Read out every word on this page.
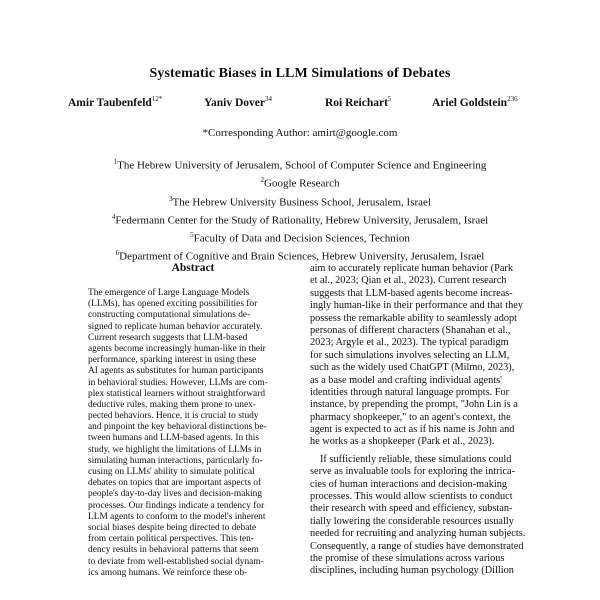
Systematic Biases in LLM Simulations of Debates
Amir Taubenfeld$^{12*}$	Yaniv Dover$^{34}$	Roi Reichart$^5$	Ariel Goldstein$^{236}$
*Corresponding Author: amirt@google.com
$^1$The Hebrew University of Jerusalem, School of Computer Science and Engineering
$^2$Google Research
$^3$The Hebrew University Business School, Jerusalem, Israel
$^4$Federmann Center for the Study of Rationality, Hebrew University, Jerusalem, Israel
$^5$Faculty of Data and Decision Sciences, Technion
$^6$Department of Cognitive and Brain Sciences, Hebrew University, Jerusalem, Israel
Abstract
The emergence of Large Language Models
(LLMs), has opened exciting possibilities for
constructing computational simulations de-
signed to replicate human behavior accurately.
Current research suggests that LLM-based
agents become increasingly human-like in their
performance, sparking interest in using these
AI agents as substitutes for human participants
in behavioral studies. However, LLMs are com-
plex statistical learners without straightforward
deductive rules, making them prone to unex-
pected behaviors. Hence, it is crucial to study
and pinpoint the key behavioral distinctions be-
tween humans and LLM-based agents. In this
study, we highlight the limitations of LLMs in
simulating human interactions, particularly fo-
cusing on LLMs' ability to simulate political
debates on topics that are important aspects of
people's day-to-day lives and decision-making
processes. Our findings indicate a tendency for
LLM agents to conform to the model's inherent
social biases despite being directed to debate
from certain political perspectives. This ten-
dency results in behavioral patterns that seem
to deviate from well-established social dynam-
ics among humans. We reinforce these ob-
aim to accurately replicate human behavior (Park
et al., 2023; Qian et al., 2023). Current research
suggests that LLM-based agents become increas-
ingly human-like in their performance and that they
possess the remarkable ability to seamlessly adopt
personas of different characters (Shanahan et al.,
2023; Argyle et al., 2023). The typical paradigm
for such simulations involves selecting an LLM,
such as the widely used ChatGPT (Milmo, 2023),
as a base model and crafting individual agents'
identities through natural language prompts. For
instance, by prepending the prompt, "John Lin is a
pharmacy shopkeeper," to an agent's context, the
agent is expected to act as if his name is John and
he works as a shopkeeper (Park et al., 2023).
If sufficiently reliable, these simulations could
serve as invaluable tools for exploring the intrica-
cies of human interactions and decision-making
processes. This would allow scientists to conduct
their research with speed and efficiency, substan-
tially lowering the considerable resources usually
needed for recruiting and analyzing human subjects.
Consequently, a range of studies have demonstrated
the promise of these simulations across various
disciplines, including human psychology (Dillion
